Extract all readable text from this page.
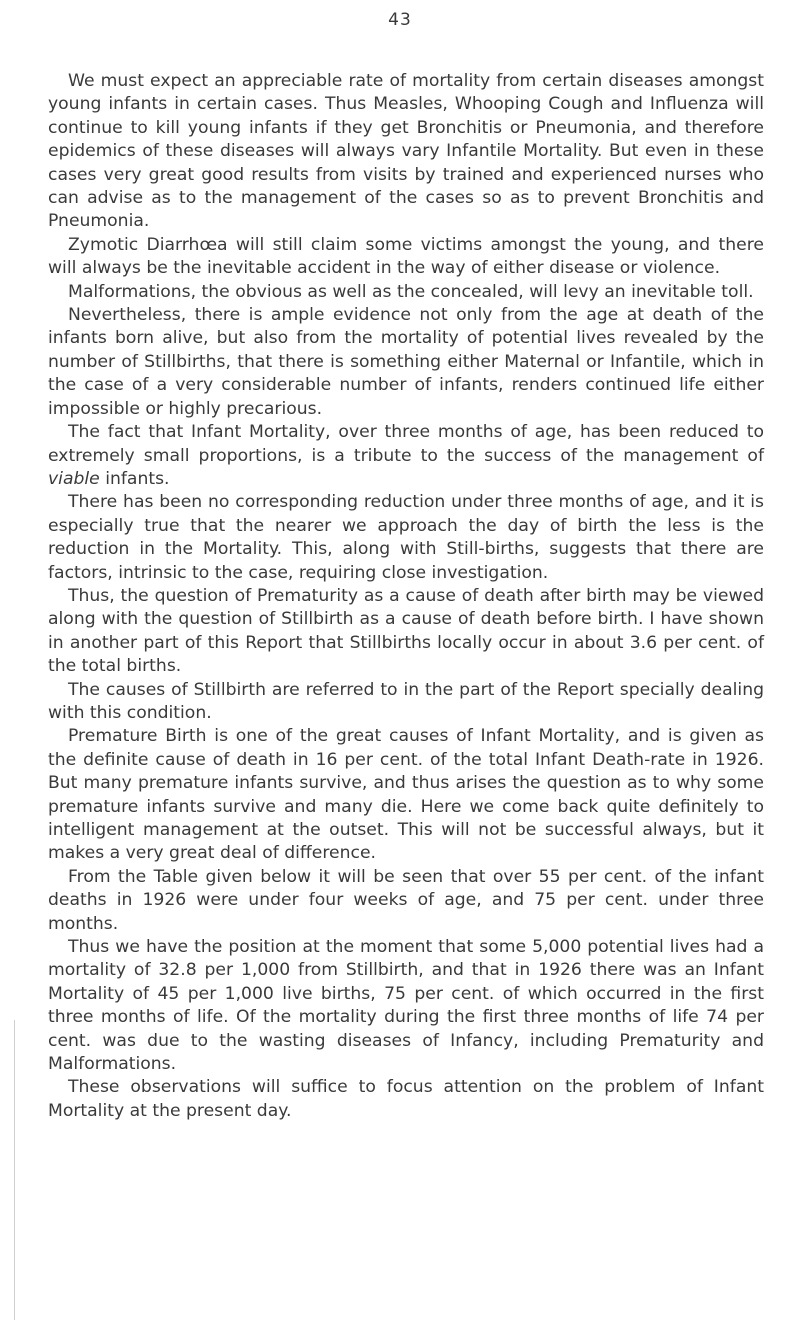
43

We must expect an appreciable rate of mortality from certain diseases amongst young infants in certain cases. Thus Measles, Whooping Cough and Influenza will continue to kill young infants if they get Bronchitis or Pneumonia, and therefore epidemics of these diseases will always vary Infantile Mortality. But even in these cases very great good results from visits by trained and experienced nurses who can advise as to the management of the cases so as to prevent Bronchitis and Pneumonia.

Zymotic Diarrhœa will still claim some victims amongst the young, and there will always be the inevitable accident in the way of either disease or violence.

Malformations, the obvious as well as the concealed, will levy an inevitable toll.

Nevertheless, there is ample evidence not only from the age at death of the infants born alive, but also from the mortality of potential lives revealed by the number of Stillbirths, that there is something either Maternal or Infantile, which in the case of a very considerable number of infants, renders continued life either impossible or highly precarious.

The fact that Infant Mortality, over three months of age, has been reduced to extremely small proportions, is a tribute to the success of the management of viable infants.

There has been no corresponding reduction under three months of age, and it is especially true that the nearer we approach the day of birth the less is the reduction in the Mortality. This, along with Still-births, suggests that there are factors, intrinsic to the case, requiring close investigation.

Thus, the question of Prematurity as a cause of death after birth may be viewed along with the question of Stillbirth as a cause of death before birth. I have shown in another part of this Report that Stillbirths locally occur in about 3.6 per cent. of the total births.

The causes of Stillbirth are referred to in the part of the Report specially dealing with this condition.

Premature Birth is one of the great causes of Infant Mortality, and is given as the definite cause of death in 16 per cent. of the total Infant Death-rate in 1926. But many premature infants survive, and thus arises the question as to why some premature infants survive and many die. Here we come back quite definitely to intelligent management at the outset. This will not be successful always, but it makes a very great deal of difference.

From the Table given below it will be seen that over 55 per cent. of the infant deaths in 1926 were under four weeks of age, and 75 per cent. under three months.

Thus we have the position at the moment that some 5,000 potential lives had a mortality of 32.8 per 1,000 from Stillbirth, and that in 1926 there was an Infant Mortality of 45 per 1,000 live births, 75 per cent. of which occurred in the first three months of life. Of the mortality during the first three months of life 74 per cent. was due to the wasting diseases of Infancy, including Prematurity and Malformations.

These observations will suffice to focus attention on the problem of Infant Mortality at the present day.
